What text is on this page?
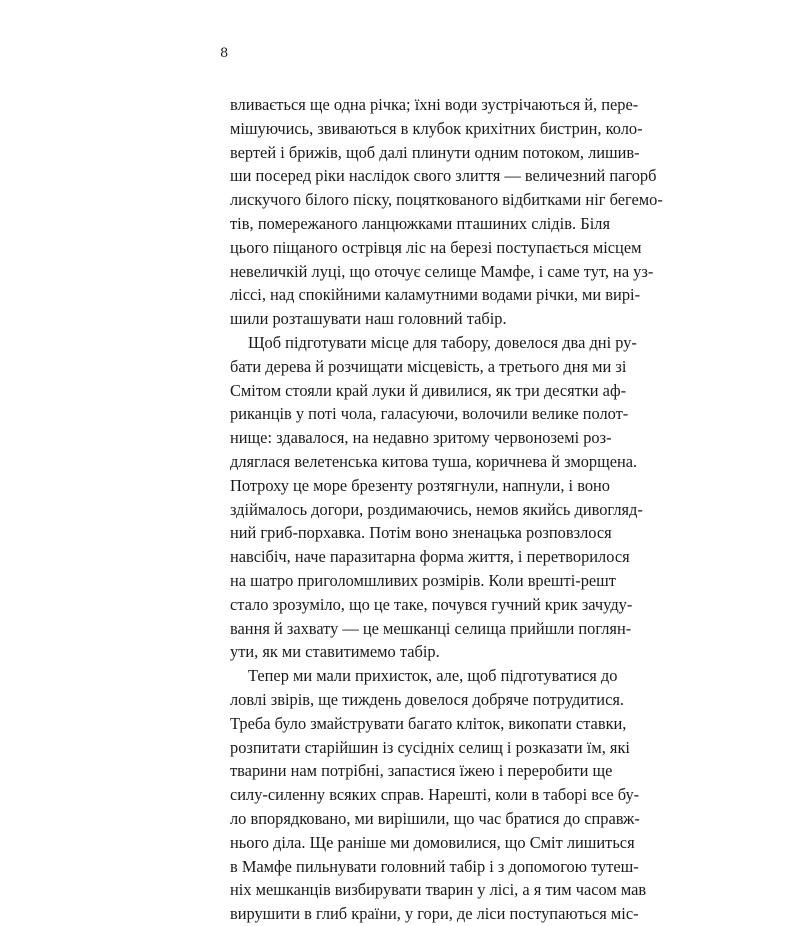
8
вливається ще одна річка; їхні води зустрічаються й, пере-
мішуючись, звиваються в клубок крихітних бистрин, коло-
вертей і брижів, щоб далі плинути одним потоком, лишив-
ши посеред ріки наслідок свого злиття — величезний пагорб
лискучого білого піску, поцяткованого відбитками ніг бегемо-
тів, помережаного ланцюжками пташиних слідів. Біля
цього піщаного острівця ліс на березі поступається місцем
невеличкій луці, що оточує селище Мамфе, і саме тут, на уз-
ліссі, над спокійними каламутними водами річки, ми вирі-
шили розташувати наш головний табір.
Щоб підготувати місце для табору, довелося два дні ру-
бати дерева й розчищати місцевість, а третього дня ми зі
Смітом стояли край луки й дивилися, як три десятки аф-
риканців у поті чола, галасуючи, волочили велике полот-
нище: здавалося, на недавно зритому червоноземі роз-
дляглася велетенська китова туша, коричнева й зморщена.
Потроху це море брезенту розтягнули, напнули, і воно
здіймалось догори, роздимаючись, немов якийсь дивогляд-
ний гриб-порхавка. Потім воно зненацька розповзлося
навсібіч, наче паразитарна форма життя, і перетворилося
на шатро приголомшливих розмірів. Коли врешті-решт
стало зрозуміло, що це таке, почувся гучний крик зачуду-
вання й захвату — це мешканці селища прийшли поглян-
ути, як ми ставитимемо табір.
Тепер ми мали прихисток, але, щоб підготуватися до
ловлі звірів, ще тиждень довелося добряче потрудитися.
Треба було змайструвати багато кліток, викопати ставки,
розпитати старійшин із сусідніх селищ і розказати їм, які
тварини нам потрібні, запастися їжею і переробити ще
силу-силенну всяких справ. Нарешті, коли в таборі все бу-
ло впорядковано, ми вирішили, що час братися до справж-
нього діла. Ще раніше ми домовилися, що Сміт лишиться
в Мамфе пильнувати головний табір і з допомогою тутеш-
ніх мешканців визбирувати тварин у лісі, а я тим часом мав
вирушити в глиб країни, у гори, де ліси поступаються міс-
